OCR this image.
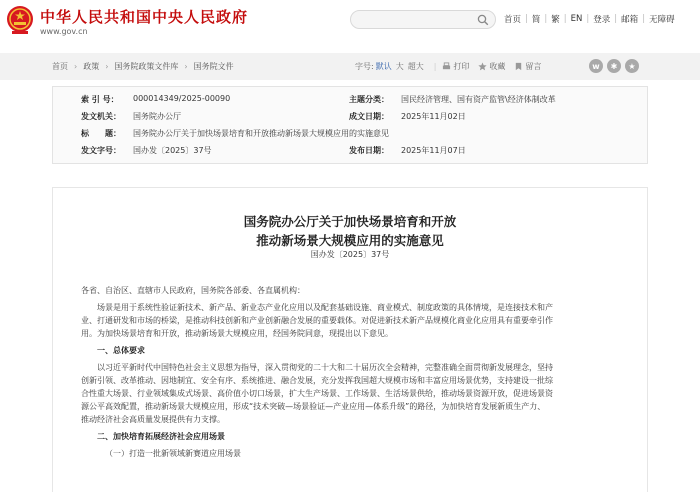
中华人民共和国中央人民政府
www.gov.cn
首页 | 简 | 繁 | EN | 登录 | 邮箱 | 无障碍
首页 › 政策 › 国务院政策文件库 › 国务院文件	字号: 默认 大 超大 | 打印	收藏	留言	w	✱	★
索 引 号： 000014349/2025-00090	主题分类： 国民经济管理、国有资产监管\经济体制改革
发文机关： 国务院办公厅	成文日期： 2025年11月02日
标　　题： 国务院办公厅关于加快场景培育和开放推动新场景大规模应用的实施意见
发文字号： 国办发〔2025〕37号	发布日期： 2025年11月07日
国务院办公厅关于加快场景培育和开放
推动新场景大规模应用的实施意见
国办发〔2025〕37号
各省、自治区、直辖市人民政府，国务院各部委、各直属机构：
场景是用于系统性验证新技术、新产品、新业态产业化应用以及配套基础设施、商业模式、制度政策的具体情境，是连接技术和产
业、打通研发和市场的桥梁，是推动科技创新和产业创新融合发展的重要载体。对促进新技术新产品规模化商业化应用具有重要牵引作
用。为加快场景培育和开放，推动新场景大规模应用，经国务院同意，现提出以下意见。
一、总体要求
以习近平新时代中国特色社会主义思想为指导，深入贯彻党的二十大和二十届历次全会精神，完整准确全面贯彻新发展理念，坚持
创新引领、改革推动、因地制宜、安全有序、系统推进、融合发展，充分发挥我国超大规模市场和丰富应用场景优势，支持建设一批综
合性重大场景、行业领域集成式场景、高价值小切口场景，扩大生产场景、工作场景、生活场景供给，推动场景资源开放，促进场景资
源公平高效配置，推动新场景大规模应用，形成“技术突破—场景验证—产业应用—体系升级”的路径，为加快培育发展新质生产力、
推动经济社会高质量发展提供有力支撑。
二、加快培育拓展经济社会应用场景
（一）打造一批新领域新赛道应用场景
